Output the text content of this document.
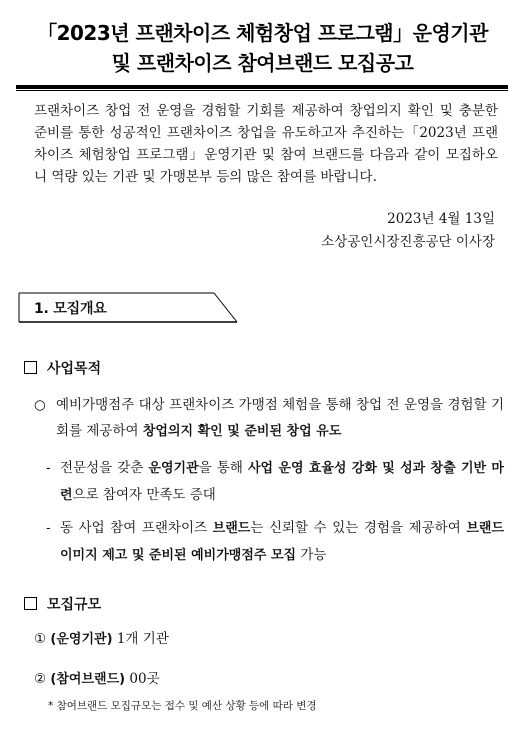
「2023년 프랜차이즈 체험창업 프로그램」운영기관
및 프랜차이즈 참여브랜드 모집공고
프랜차이즈 창업 전 운영을 경험할 기회를 제공하여 창업의지 확인 및 충분한 준비를 통한 성공적인 프랜차이즈 창업을 유도하고자 추진하는「2023년 프랜차이즈 체험창업 프로그램」운영기관 및 참여 브랜드를 다음과 같이 모집하오니 역량 있는 기관 및 가맹본부 등의 많은 참여를 바랍니다.
2023년 4월 13일
소상공인시장진흥공단 이사장
1. 모집개요
사업목적
○ 예비가맹점주 대상 프랜차이즈 가맹점 체험을 통해 창업 전 운영을 경험할 기회를 제공하여 창업의지 확인 및 준비된 창업 유도
- 전문성을 갖춘 운영기관을 통해 사업 운영 효율성 강화 및 성과 창출 기반 마련으로 참여자 만족도 증대
- 동 사업 참여 프랜차이즈 브랜드는 신뢰할 수 있는 경험을 제공하여 브랜드 이미지 제고 및 준비된 예비가맹점주 모집 가능
모집규모
① (운영기관) 1개 기관
② (참여브랜드) 00곳
* 참여브랜드 모집규모는 접수 및 예산 상황 등에 따라 변경
